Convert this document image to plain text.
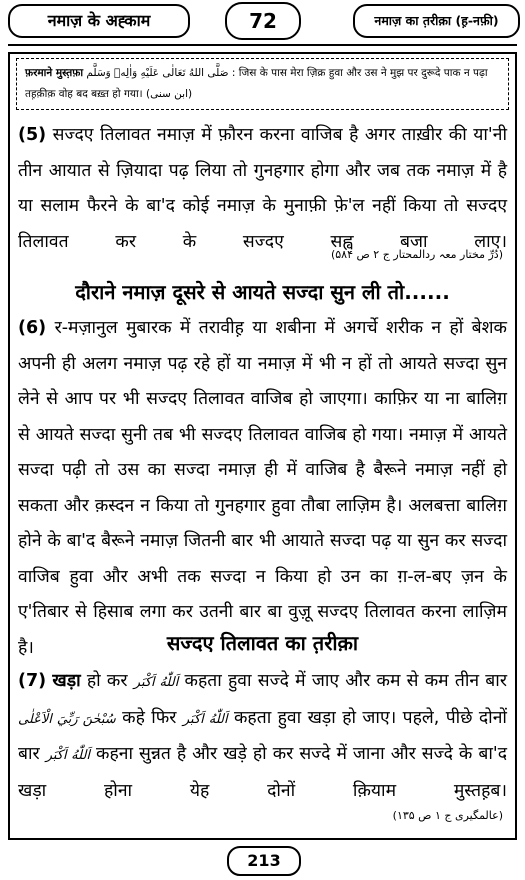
नमाज़ के अह्काम	72	नमाज़ का त़रीक़ा (ह़-नफ़ी)
फ़रमाने मुस्त़फ़ा صَلَّى اللهُ تَعَالٰى عَلَيْهِ وَاٰلِهٖ وَسَلَّم : जिस के पास मेरा ज़िक्र हुवा और उस ने मुझ पर दुरूदे पाक न पढ़ा तह़क़ीक़ वोह बद बख़्त हो गया। (ابن سنی)
(5) सज्दए तिलावत नमाज़ में फ़ौरन करना वाजिब है अगर ताख़ीर की या'नी तीन आयात से ज़ियादा पढ़ लिया तो गुनहगार होगा और जब तक नमाज़ में है या सलाम फैरने के बा'द कोई नमाज़ के मुनाफ़ी फ़े'ल नहीं किया तो सज्दए तिलावत कर के सज्दए सह्व बजा लाए।
(دُرِّ مختار معہ ردالمحتار ج ۲ ص ۵۸۴)
दौराने नमाज़ दूसरे से आयते सज्दा सुन ली तो......
(6) र-मज़ानुल मुबारक में तरावीह़ या शबीना में अगर्चे शरीक न हों बेशक अपनी ही अलग नमाज़ पढ़ रहे हों या नमाज़ में भी न हों तो आयते सज्दा सुन लेने से आप पर भी सज्दए तिलावत वाजिब हो जाएगा। काफ़िर या ना बालिग़ से आयते सज्दा सुनी तब भी सज्दए तिलावत वाजिब हो गया। नमाज़ में आयते सज्दा पढ़ी तो उस का सज्दा नमाज़ ही में वाजिब है बैरूने नमाज़ नहीं हो सकता और क़स्दन न किया तो गुनहगार हुवा तौबा लाज़िम है। अलबत्ता बालिग़ होने के बा'द बैरूने नमाज़ जितनी बार भी आयाते सज्दा पढ़ या सुन कर सज्दा वाजिब हुवा और अभी तक सज्दा न किया हो उन का ग़-ल-बए ज़न के ए'तिबार से हिसाब लगा कर उतनी बार बा वुज़ू सज्दए तिलावत करना लाज़िम है।	सज्दए तिलावत का त़रीक़ा
(7) खड़ा हो कर اَللّٰهُ اَكْبَر कहता हुवा सज्दे में जाए और कम से कम तीन बार سُبْحٰنَ رَبِّيَ الْاَعْلٰى कहे फिर اَللّٰهُ اَكْبَر कहता हुवा खड़ा हो जाए। पहले, पीछे दोनों बार اَللّٰهُ اَكْبَر कहना सुन्नत है और खड़े हो कर सज्दे में जाना और सज्दे के बा'द खड़ा होना येह दोनों क़ियाम मुस्तह़ब।
(عالمگیری ج ۱ ص ۱۳۵)
213
